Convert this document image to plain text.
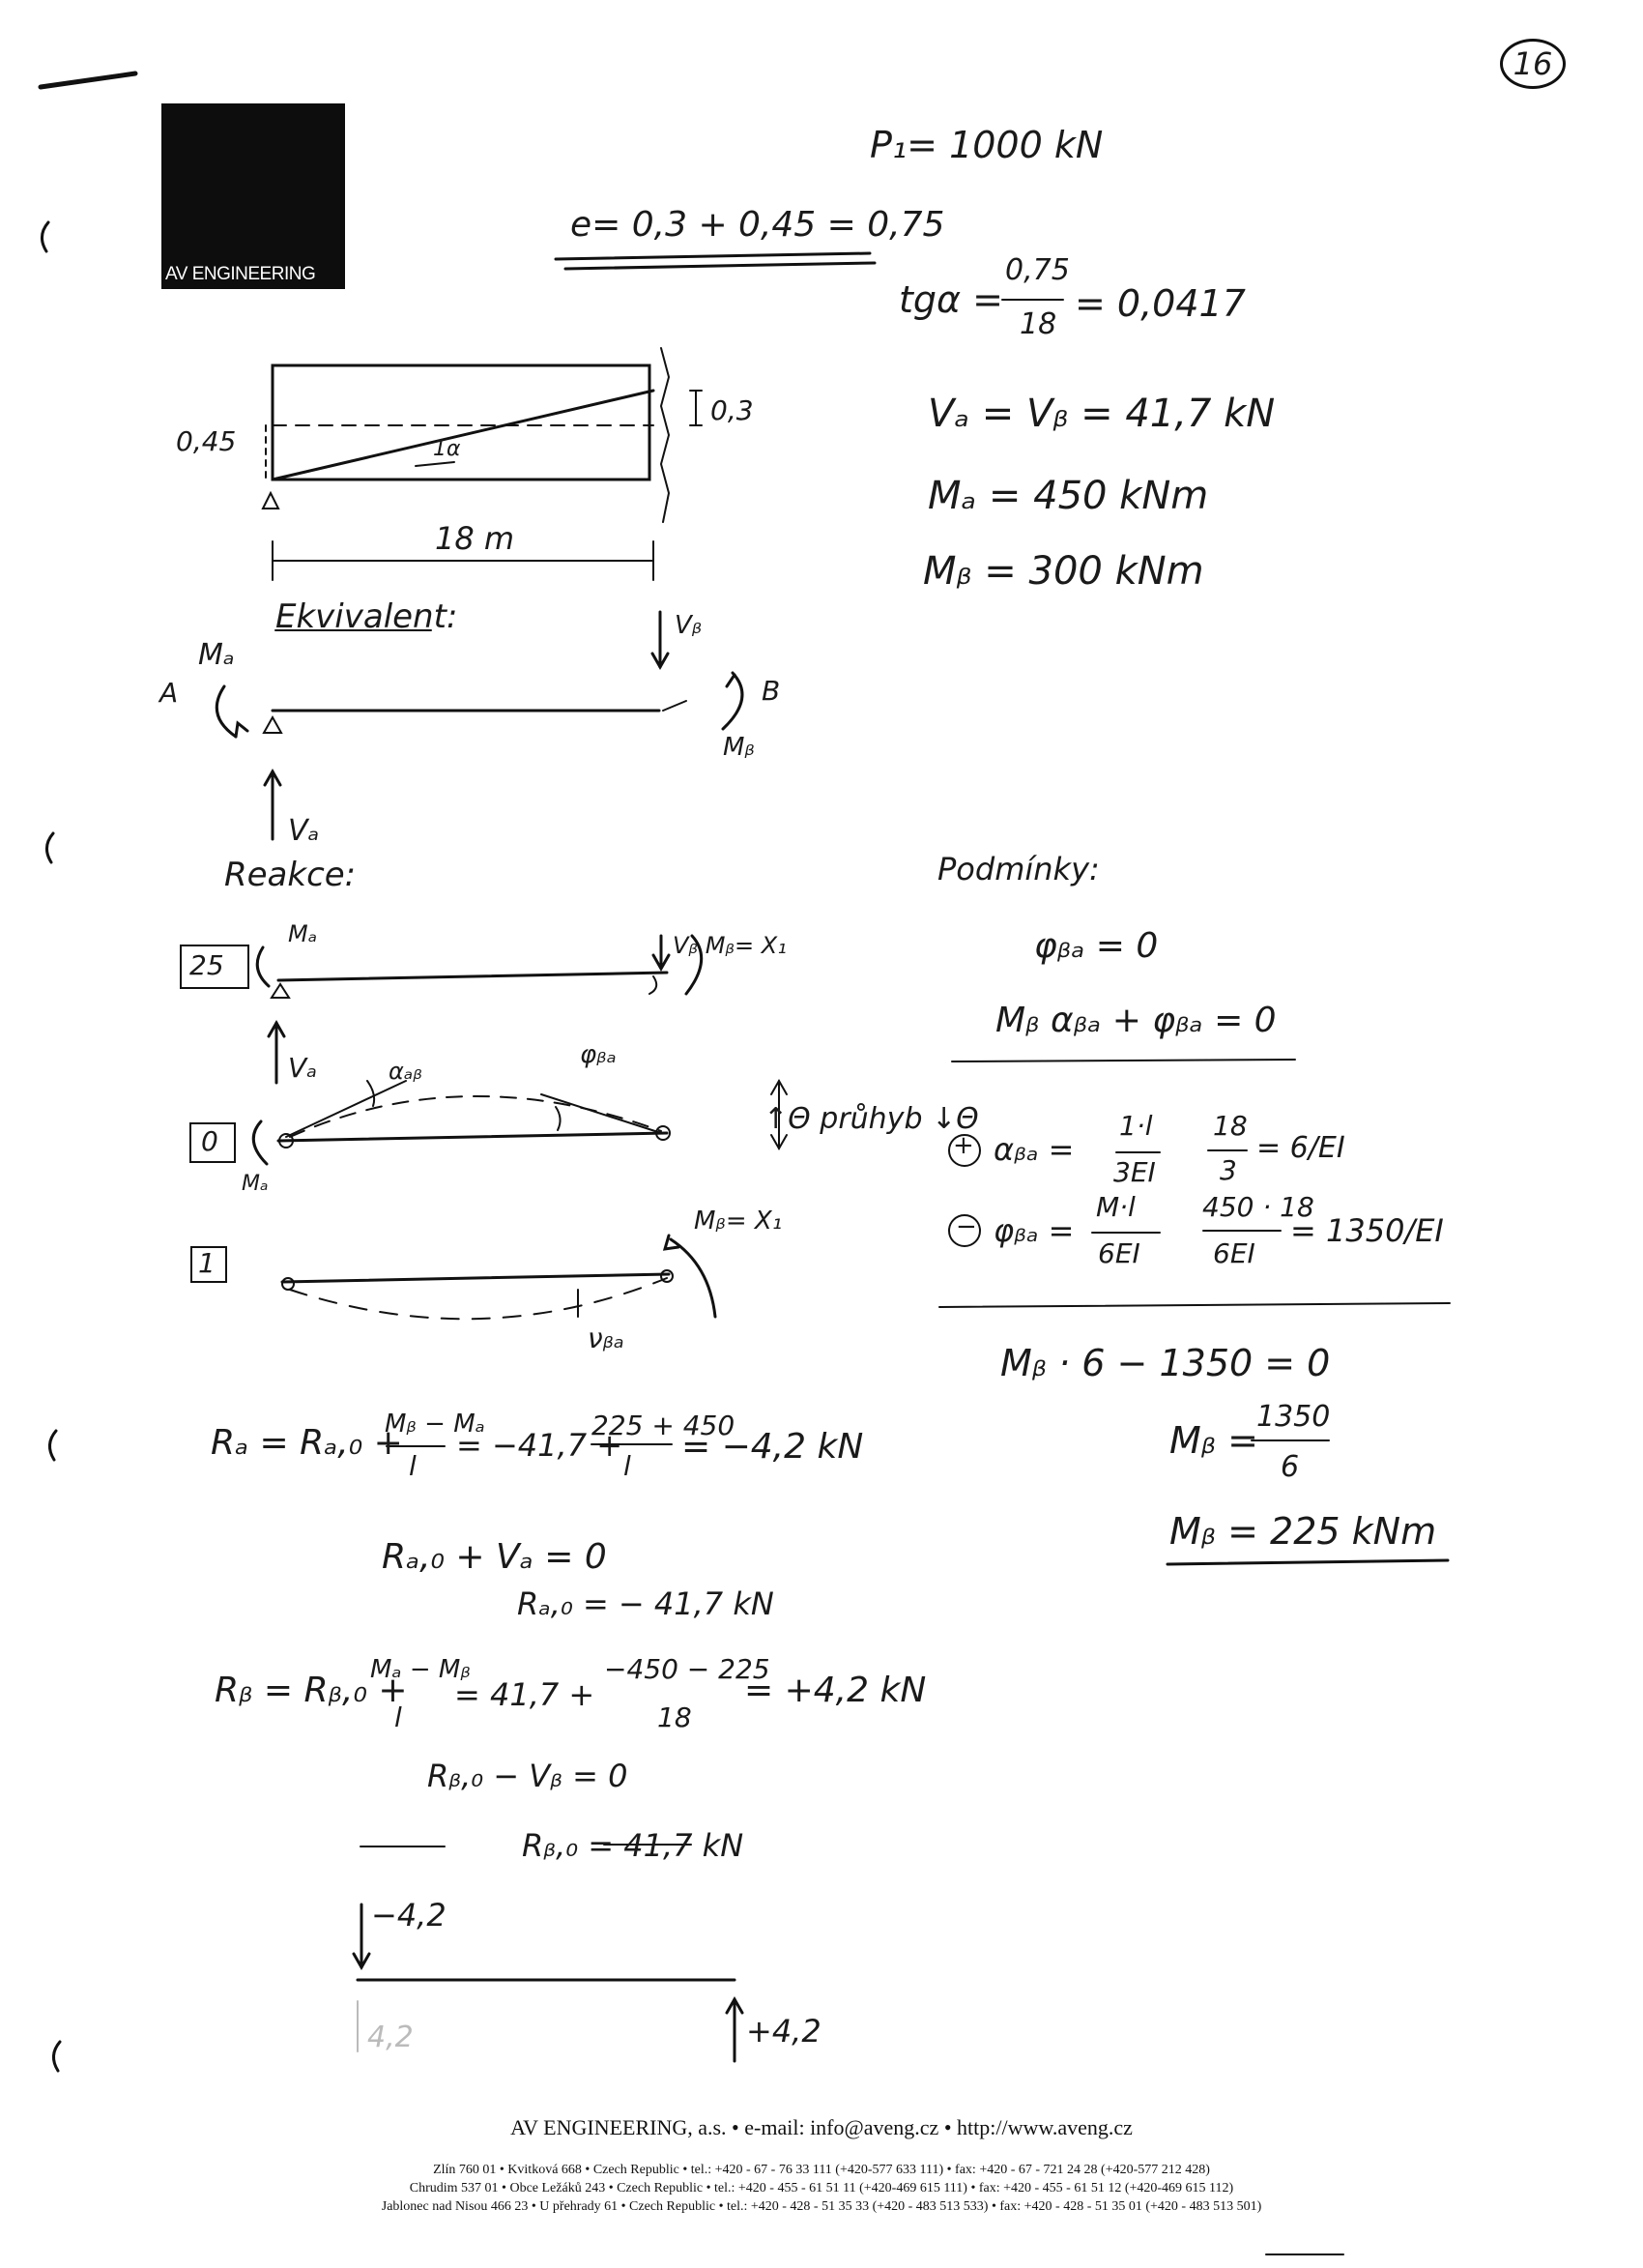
16
AV ENGINEERING
P₁= 1000 kN
e= 0,3 + 0,45 = 0,75
tgα =
0,75
18 = 0,0417
Vₐ = Vᵦ = 41,7 kN
Mₐ = 450 kNm
Mᵦ = 300 kNm
0,45
0,3
1α
18 m
Ekvivalent:
Mₐ
A	B
Vᵦ
Mᵦ
Vₐ
Reakce:
25
Mₐ	Vᵦ Mᵦ= X₁
Vₐ
0
αₐᵦ
φᵦₐ
Mₐ
↑Θ průhyb ↓Θ
1
Mᵦ= X₁
νᵦₐ
Podmínky:
φᵦₐ = 0
Mᵦ αᵦₐ + φᵦₐ = 0
+ αᵦₐ =
1·l
3EI
18
3
= 6/EI
− φᵦₐ =
M·l
6EI
450 · 18
6EI
= 1350/EI
Mᵦ · 6 − 1350 = 0
Mᵦ =
1350
6
Mᵦ = 225 kNm
Rₐ = Rₐ,₀ +
Mᵦ − Mₐ
l
= −41,7 +
225 + 450
l = −4,2 kN
Rₐ,₀ + Vₐ = 0
Rₐ,₀ = − 41,7 kN
Rᵦ = Rᵦ,₀ +
Mₐ − Mᵦ
l
= 41,7 +
−450 − 225
18
= +4,2 kN
Rᵦ,₀ − Vᵦ = 0
Rᵦ,₀ = 41,7 kN
−4,2
4,2	+4,2
AV ENGINEERING, a.s. • e-mail: info@aveng.cz • http://www.aveng.cz
Zlín 760 01 • Kvitková 668 • Czech Republic • tel.: +420 - 67 - 76 33 111 (+420-577 633 111) • fax: +420 - 67 - 721 24 28 (+420-577 212 428)
Chrudim 537 01 • Obce Ležáků 243 • Czech Republic • tel.: +420 - 455 - 61 51 11 (+420-469 615 111) • fax: +420 - 455 - 61 51 12 (+420-469 615 112)
Jablonec nad Nisou 466 23 • U přehrady 61 • Czech Republic • tel.: +420 - 428 - 51 35 33 (+420 - 483 513 533) • fax: +420 - 428 - 51 35 01 (+420 - 483 513 501)
